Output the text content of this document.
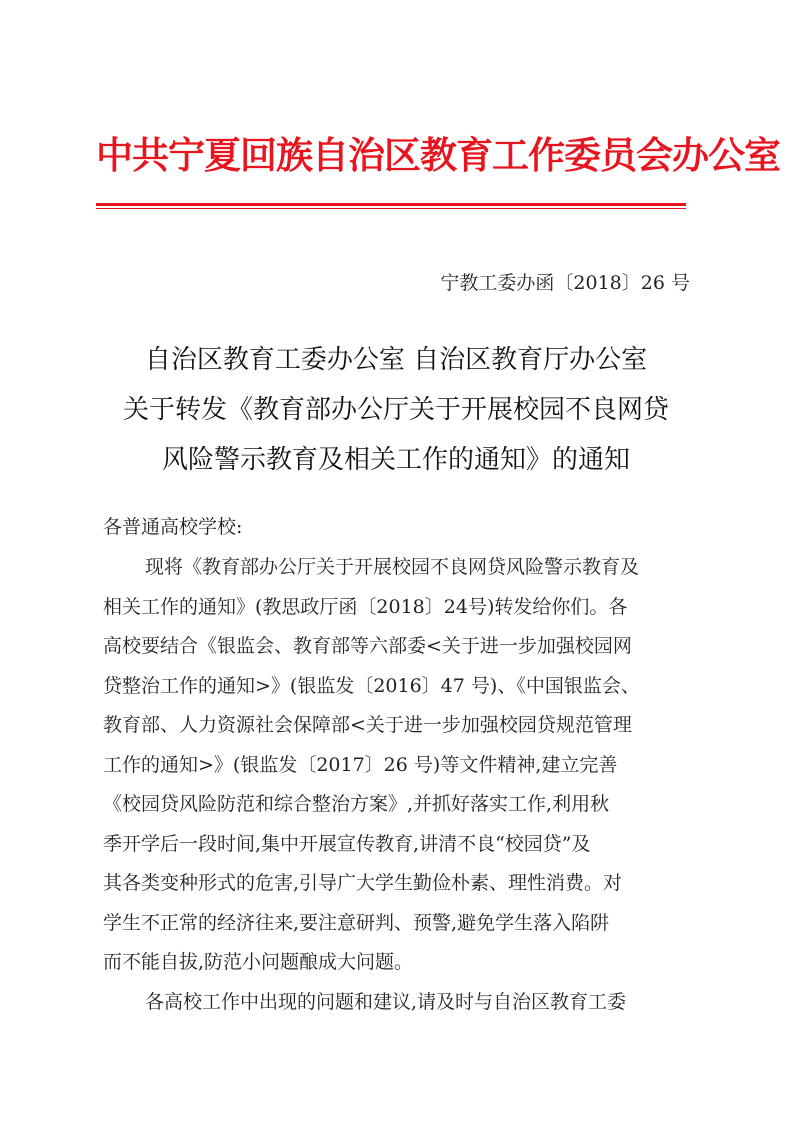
中共宁夏回族自治区教育工作委员会办公室
宁教工委办函〔2018〕26 号
自治区教育工委办公室 自治区教育厅办公室
关于转发《教育部办公厅关于开展校园不良网贷
风险警示教育及相关工作的通知》的通知
各普通高校学校:
现将《教育部办公厅关于开展校园不良网贷风险警示教育及
相关工作的通知》(教思政厅函〔2018〕24号)转发给你们。各
高校要结合《银监会、教育部等六部委<关于进一步加强校园网
贷整治工作的通知>》(银监发〔2016〕47 号)、《中国银监会、
教育部、人力资源社会保障部<关于进一步加强校园贷规范管理
工作的通知>》(银监发〔2017〕26 号)等文件精神,建立完善
《校园贷风险防范和综合整治方案》,并抓好落实工作,利用秋
季开学后一段时间,集中开展宣传教育,讲清不良“校园贷”及
其各类变种形式的危害,引导广大学生勤俭朴素、理性消费。对
学生不正常的经济往来,要注意研判、预警,避免学生落入陷阱
而不能自拔,防范小问题酿成大问题。
各高校工作中出现的问题和建议,请及时与自治区教育工委
